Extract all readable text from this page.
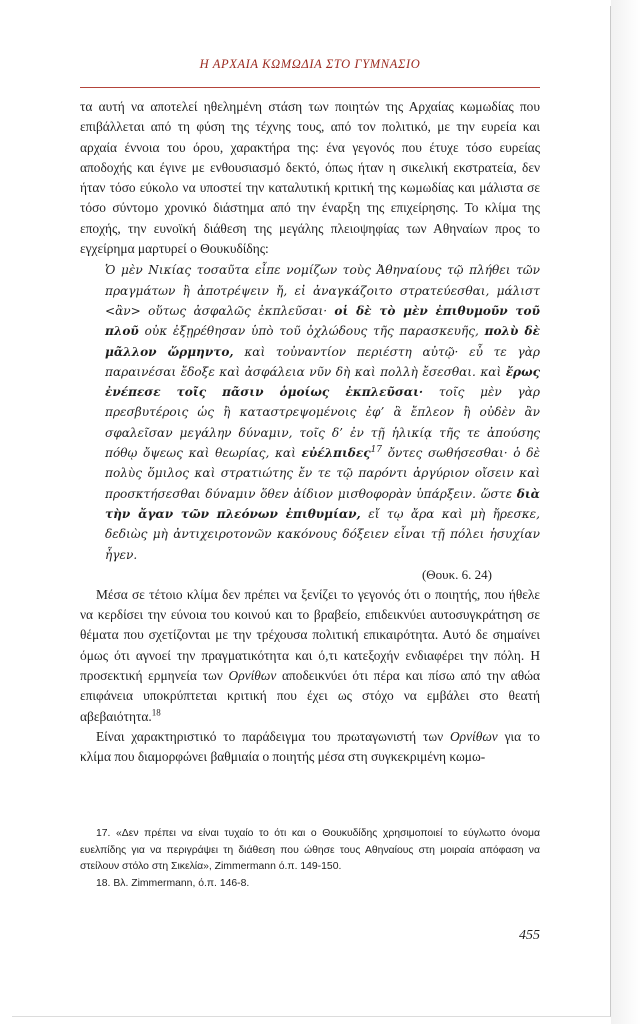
Η ΑΡΧΑΙΑ ΚΩΜΩΔΙΑ ΣΤΟ ΓΥΜΝΑΣΙΟ

τα αυτή να αποτελεί ηθελημένη στάση των ποιητών της Αρχαίας κωμωδίας που επιβάλλεται από τη φύση της τέχνης τους, από τον πολιτικό, με την ευρεία και αρχαία έννοια του όρου, χαρακτήρα της: ένα γεγονός που έτυχε τόσο ευρείας αποδοχής και έγινε με ενθουσιασμό δεκτό, όπως ήταν η σικελική εκστρατεία, δεν ήταν τόσο εύκολο να υποστεί την καταλυτική κριτική της κωμωδίας και μάλιστα σε τόσο σύντομο χρονικό διάστημα από την έναρξη της επιχείρησης. Το κλίμα της εποχής, την ευνοϊκή διάθεση της μεγάλης πλειοψηφίας των Αθηναίων προς το εγχείρημα μαρτυρεί ο Θουκυδίδης:

Ὁ μὲν Νικίας τοσαῦτα εἶπε νομίζων τοὺς Ἀθηναίους τῷ πλήθει τῶν πραγμάτων ἢ ἀποτρέψειν ἤ, εἰ ἀναγκάζοιτο στρατεύεσθαι, μάλιστ <ἂν> οὕτως ἀσφαλῶς ἐκπλεῦσαι· οἱ δὲ τὸ μὲν ἐπιθυμοῦν τοῦ πλοῦ οὐκ ἐξῃρέθησαν ὑπὸ τοῦ ὀχλώδους τῆς παρασκευῆς, πολὺ δὲ μᾶλλον ὥρμηντο, καὶ τοὐναντίον περιέστη αὐτῷ· εὖ τε γὰρ παραινέσαι ἔδοξε καὶ ἀσφάλεια νῦν δὴ καὶ πολλὴ ἔσεσθαι. καὶ ἔρως ἐνέπεσε τοῖς πᾶσιν ὁμοίως ἐκπλεῦσαι· τοῖς μὲν γὰρ πρεσβυτέροις ὡς ἢ καταστρεψομένοις ἐφ’ ἃ ἔπλεον ἢ οὐδὲν ἂν σφαλεῖσαν μεγάλην δύναμιν, τοῖς δ’ ἐν τῇ ἡλικίᾳ τῆς τε ἀπούσης πόθῳ ὄψεως καὶ θεωρίας, καὶ εὐέλπιδες$^{17}$ ὄντες σωθήσεσθαι· ὁ δὲ πολὺς ὅμιλος καὶ στρατιώτης ἔν τε τῷ παρόντι ἀργύριον οἴσειν καὶ προσκτήσεσθαι δύναμιν ὅθεν ἀίδιον μισθοφορὰν ὑπάρξειν. ὥστε διὰ τὴν ἄγαν τῶν πλεόνων ἐπιθυμίαν, εἴ τῳ ἄρα καὶ μὴ ἤρεσκε, δεδιὼς μὴ ἀντιχειροτονῶν κακόνους δόξειεν εἶναι τῇ πόλει ἡσυχίαν ἦγεν.
(Θουκ. 6. 24)

Μέσα σε τέτοιο κλίμα δεν πρέπει να ξενίζει το γεγονός ότι ο ποιητής, που ήθελε να κερδίσει την εύνοια του κοινού και το βραβείο, επιδεικνύει αυτοσυγκράτηση σε θέματα που σχετίζονται με την τρέχουσα πολιτική επικαιρότητα. Αυτό δε σημαίνει όμως ότι αγνοεί την πραγματικότητα και ό,τι κατεξοχήν ενδιαφέρει την πόλη. Η προσεκτική ερμηνεία των Ορνίθων αποδεικνύει ότι πέρα και πίσω από την αθώα επιφάνεια υποκρύπτεται κριτική που έχει ως στόχο να εμβάλει στο θεατή αβεβαιότητα.$^{18}$

Είναι χαρακτηριστικό το παράδειγμα του πρωταγωνιστή των Ορνίθων για το κλίμα που διαμορφώνει βαθμιαία ο ποιητής μέσα στη συγκεκριμένη κωμω-

17. «Δεν πρέπει να είναι τυχαίο το ότι και ο Θουκυδίδης χρησιμοποιεί το εύγλωττο όνομα ευελπίδης για να περιγράψει τη διάθεση που ώθησε τους Αθηναίους στη μοιραία απόφαση να στείλουν στόλο στη Σικελία», Zimmermann ό.π. 149-150.

18. Βλ. Zimmermann, ό.π. 146-8.

455
